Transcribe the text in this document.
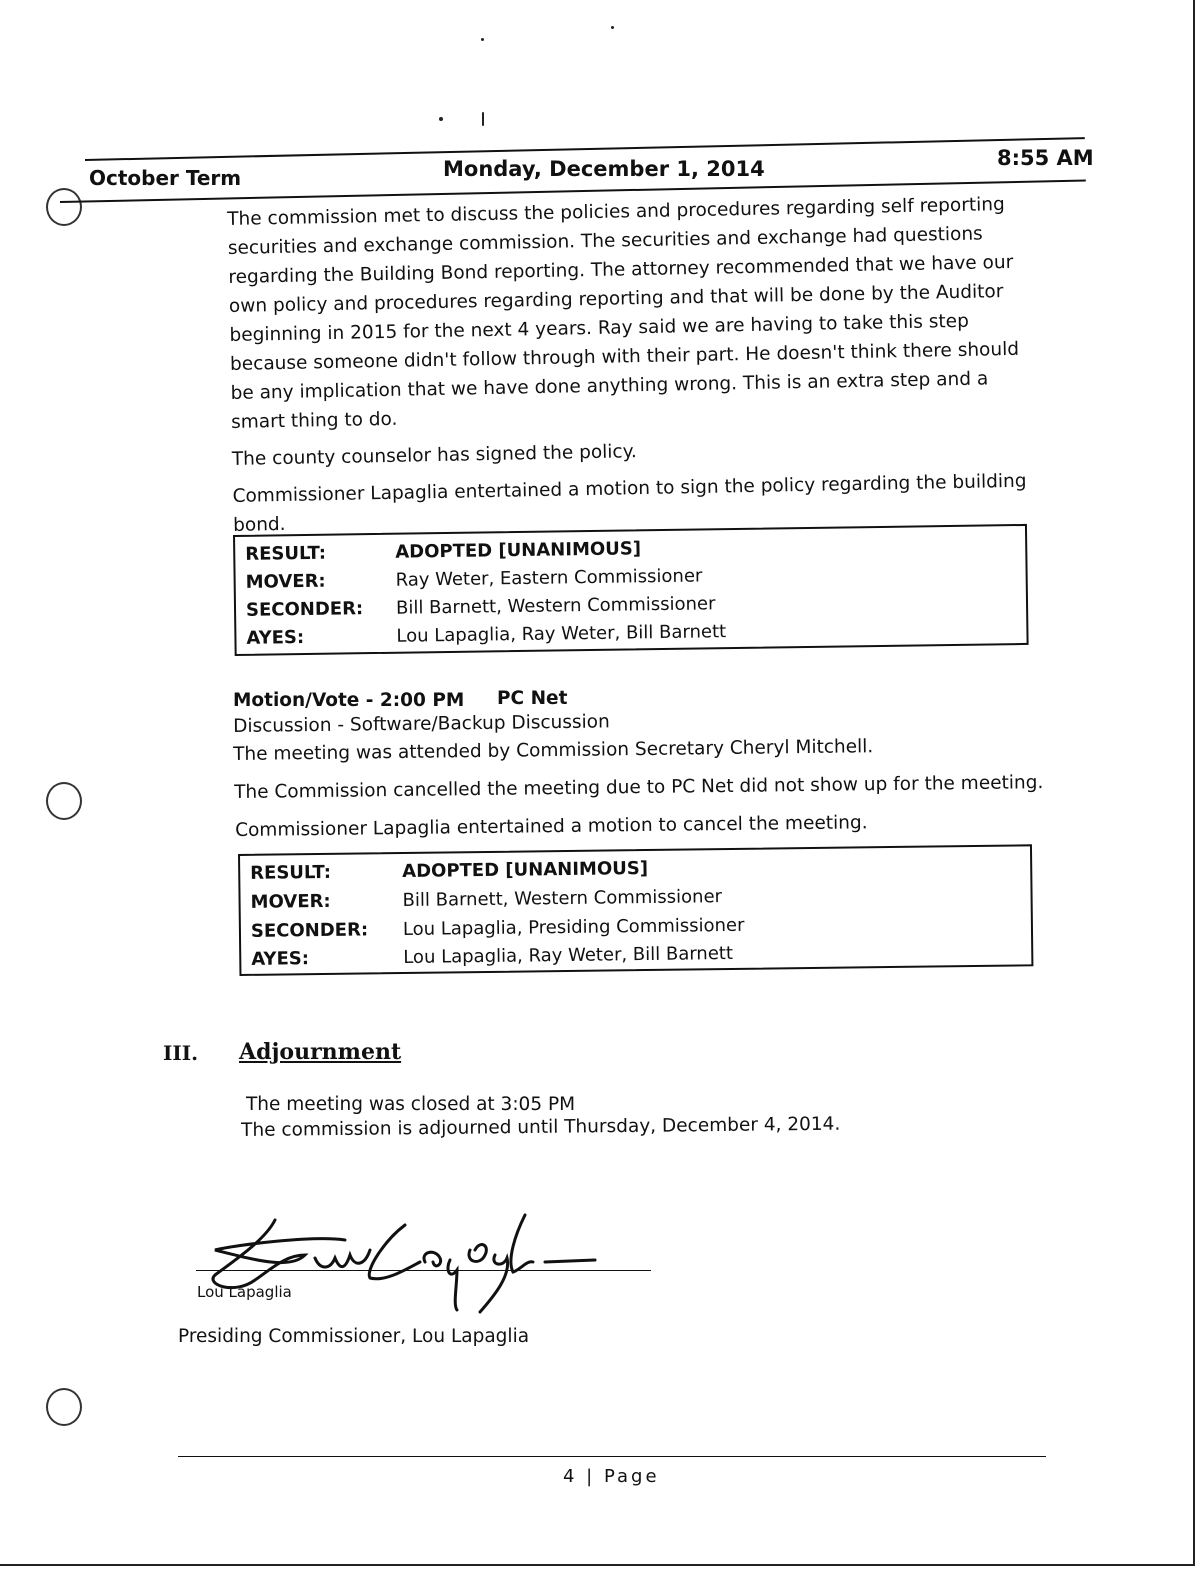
October Term	Monday, December 1, 2014	8:55 AM

The commission met to discuss the policies and procedures regarding self reporting securities and exchange commission. The securities and exchange had questions regarding the Building Bond reporting. The attorney recommended that we have our own policy and procedures regarding reporting and that will be done by the Auditor beginning in 2015 for the next 4 years. Ray said we are having to take this step because someone didn't follow through with their part. He doesn't think there should be any implication that we have done anything wrong. This is an extra step and a smart thing to do.

The county counselor has signed the policy.

Commissioner Lapaglia entertained a motion to sign the policy regarding the building bond.

RESULT:	ADOPTED [UNANIMOUS]
MOVER:	Ray Weter, Eastern Commissioner
SECONDER: Bill Barnett, Western Commissioner
AYES:	Lou Lapaglia, Ray Weter, Bill Barnett
Motion/Vote - 2:00 PM PC Net
Discussion - Software/Backup Discussion
The meeting was attended by Commission Secretary Cheryl Mitchell.
The Commission cancelled the meeting due to PC Net did not show up for the meeting.
Commissioner Lapaglia entertained a motion to cancel the meeting.
RESULT:	ADOPTED [UNANIMOUS]
MOVER:	Bill Barnett, Western Commissioner
SECONDER: Lou Lapaglia, Presiding Commissioner
AYES:	Lou Lapaglia, Ray Weter, Bill Barnett
III. Adjournment
The meeting was closed at 3:05 PM
The commission is adjourned until Thursday, December 4, 2014.
Lou Lapaglia
Presiding Commissioner, Lou Lapaglia
4 | Page
